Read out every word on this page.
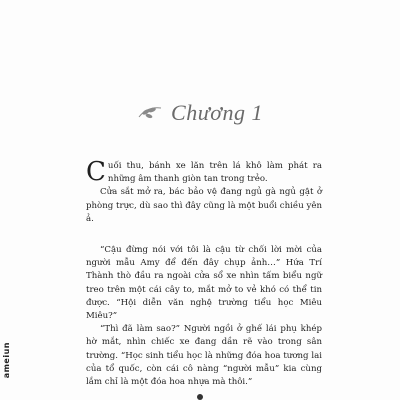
Chương 1

Cuối thu, bánh xe lăn trên lá khô làm phát ra những âm thanh giòn tan trong trẻo.

Cửa sắt mở ra, bác bảo vệ đang ngủ gà ngủ gật ở phòng trực, dù sao thì đây cũng là một buổi chiều yên ả.

“Cậu đừng nói với tôi là cậu từ chối lời mời của người mẫu Amy để đến đây chụp ảnh…” Hứa Trí Thành thò đầu ra ngoài cửa sổ xe nhìn tấm biểu ngữ treo trên một cái cây to, mắt mở to vẻ khó có thể tin được. “Hội diễn văn nghệ trường tiểu học Miêu Miêu?”

“Thì đã làm sao?” Người ngồi ở ghế lái phụ khép hờ mắt, nhìn chiếc xe đang dần rẽ vào trong sân trường. “Học sinh tiểu học là những đóa hoa tương lai của tổ quốc, còn cái cô nàng “người mẫu” kia cùng lắm chỉ là một đóa hoa nhựa mà thôi.”

ameiun
